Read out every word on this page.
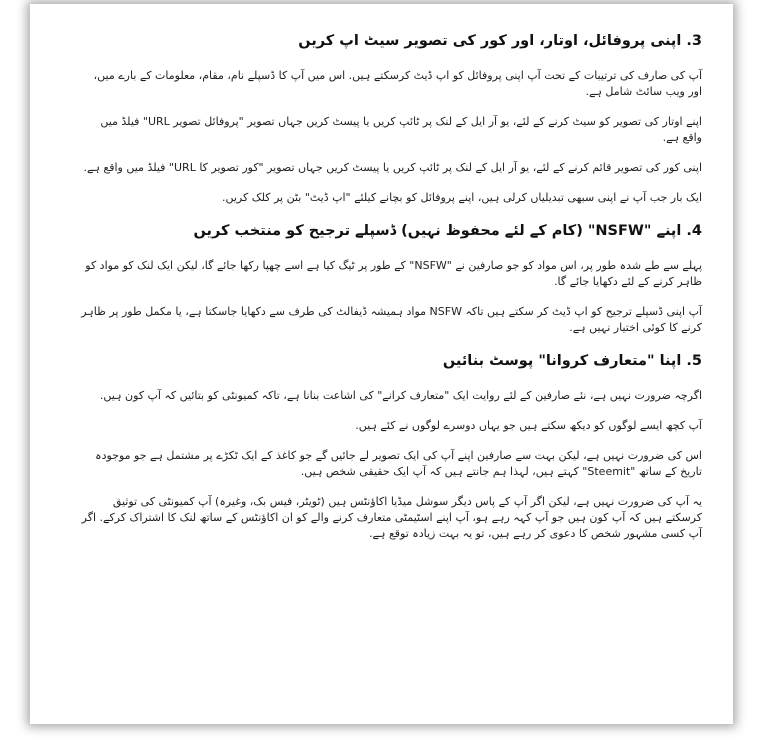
3. اپنی پروفائل، اوتار، اور کور کی تصویر سیٹ اپ کریں

آپ کی صارف کی ترتیبات کے تحت آپ اپنی پروفائل کو اپ ڈیٹ کرسکتے ہیں. اس میں آپ کا ڈسپلے نام، مقام، معلومات کے بارے میں، اور ویب سائٹ شامل ہے.

اپنے اوتار کی تصویر کو سیٹ کرنے کے لئے، یو آر ایل کے لنک پر ٹائپ کریں یا پیسٹ کریں جہاں تصویر "پروفائل تصویر URL" فیلڈ میں واقع ہے.

اپنی کور کی تصویر قائم کرنے کے لئے، یو آر ایل کے لنک پر ٹائپ کریں یا پیسٹ کریں جہاں تصویر "کور تصویر کا URL" فیلڈ میں واقع ہے.

ایک بار جب آپ نے اپنی سبھی تبدیلیاں کرلی ہیں، اپنے پروفائل کو بچانے کیلئے "اپ ڈیٹ" بٹن پر کلک کریں.

4. اپنے "NSFW" (کام کے لئے محفوظ نہیں) ڈسپلے ترجیح کو منتخب کریں

پہلے سے طے شدہ طور پر، اس مواد کو جو صارفین نے "NSFW" کے طور پر ٹیگ کیا ہے اسے چھپا رکھا جائے گا، لیکن ایک لنک کو مواد کو ظاہر کرنے کے لئے دکھایا جائے گا.

آپ اپنی ڈسپلے ترجیح کو اپ ڈیٹ کر سکتے ہیں تاکہ NSFW مواد ہمیشہ ڈیفالٹ کی طرف سے دکھایا جاسکتا ہے، یا مکمل طور پر ظاہر کرنے کا کوئی اختیار نہیں ہے.

5. اپنا "متعارف کروانا" پوسٹ بنائیں

اگرچہ ضرورت نہیں ہے، نئے صارفین کے لئے روایت ایک "متعارف کرانے" کی اشاعت بنانا ہے، تاکہ کمیونٹی کو بتائیں کہ آپ کون ہیں.

آپ کچھ ایسے لوگوں کو دیکھ سکتے ہیں جو یہاں دوسرے لوگوں نے کئے ہیں.

اس کی ضرورت نہیں ہے، لیکن بہت سے صارفین اپنے آپ کی ایک تصویر لے جائیں گے جو کاغذ کے ایک ٹکڑے پر مشتمل ہے جو موجودہ تاریخ کے ساتھ "Steemit" کہتے ہیں، لہذا ہم جانتے ہیں کہ آپ ایک حقیقی شخص ہیں.

یہ آپ کی ضرورت نہیں ہے، لیکن اگر آپ کے پاس دیگر سوشل میڈیا اکاؤنٹس ہیں (ٹویٹر، فیس بک، وغیرہ) آپ کمیونٹی کی توثیق کرسکتے ہیں کہ آپ کون ہیں جو آپ کہہ رہے ہو، آپ اپنے اسٹیمٹی متعارف کرنے والے کو ان اکاؤنٹس کے ساتھ لنک کا اشتراک کرکے. اگر آپ کسی مشہور شخص کا دعوی کر رہے ہیں، تو یہ بہت زیادہ توقع ہے.
